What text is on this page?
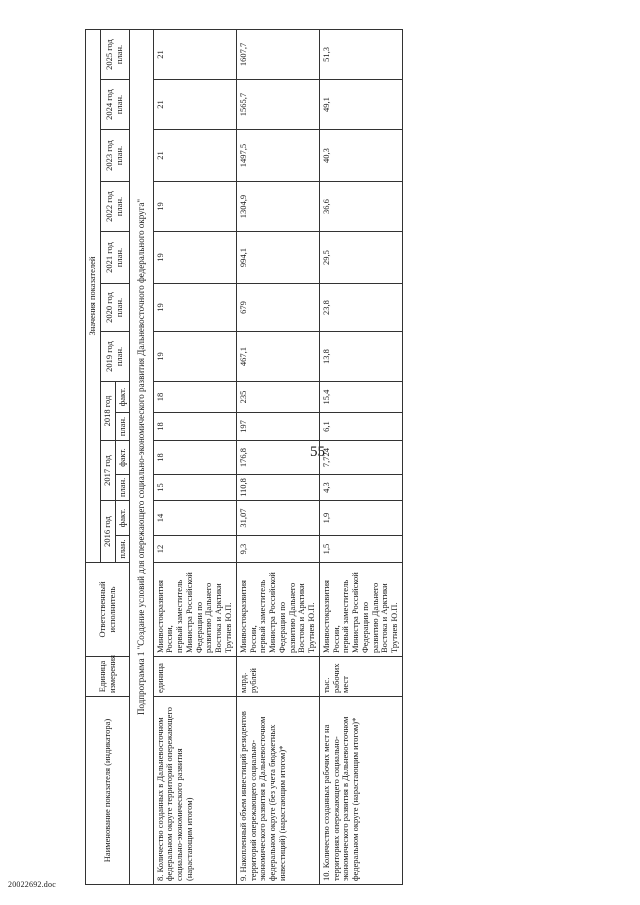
55
Наименование показателя (индикатора)	Единица измерения	Ответственный исполнитель	Значения показателей												
			2016 год		2017 год		2018 год		2019 год план.	2020 год план.	2021 год план.	2022 год план.	2023 год план.	2024 год план.	2025 год план.
			план.	факт.	план.	факт.	план.	факт.							
Подпрограмма 1 "Создание условий для опережающего социально-экономического развития Дальневосточного федерального округа"															
8. Количество созданных в Дальневосточном федеральном округе территорий опережающего социально-экономического развития (нарастающим итогом)	единица	Минвостокразвития России,
первый заместитель Министра Российской Федерации по развитию Дальнего Востока и Арктики Трутнев Ю.П.	12	14	15	18	18	18	19	19	19	19	21	21	21
9. Накопленный объем инвестиций резидентов территорий опережающего социально-экономического развития в Дальневосточном федеральном округе (без учета бюджетных инвестиций) (нарастающим итогом)*	млрд. рублей	Минвостокразвития России,
первый заместитель Министра Российской Федерации по развитию Дальнего Востока и Арктики Трутнев Ю.П.	9,3	31,07	110,8	176,8	197	235	467,1	679	994,1	1304,9	1497,5	1565,7	1607,7
10. Количество созданных рабочих мест на территориях опережающего социально-экономического развития в Дальневосточном федеральном округе (нарастающим итогом)*	тыс. рабочих мест	Минвостокразвития России,
первый заместитель Министра Российской Федерации по развитию Дальнего Востока и Арктики Трутнев Ю.П.	1,5	1,9	4,3	7,724	6,1	15,4	13,8	23,8	29,5	36,6	40,3	49,1	51,3
20022692.doc
